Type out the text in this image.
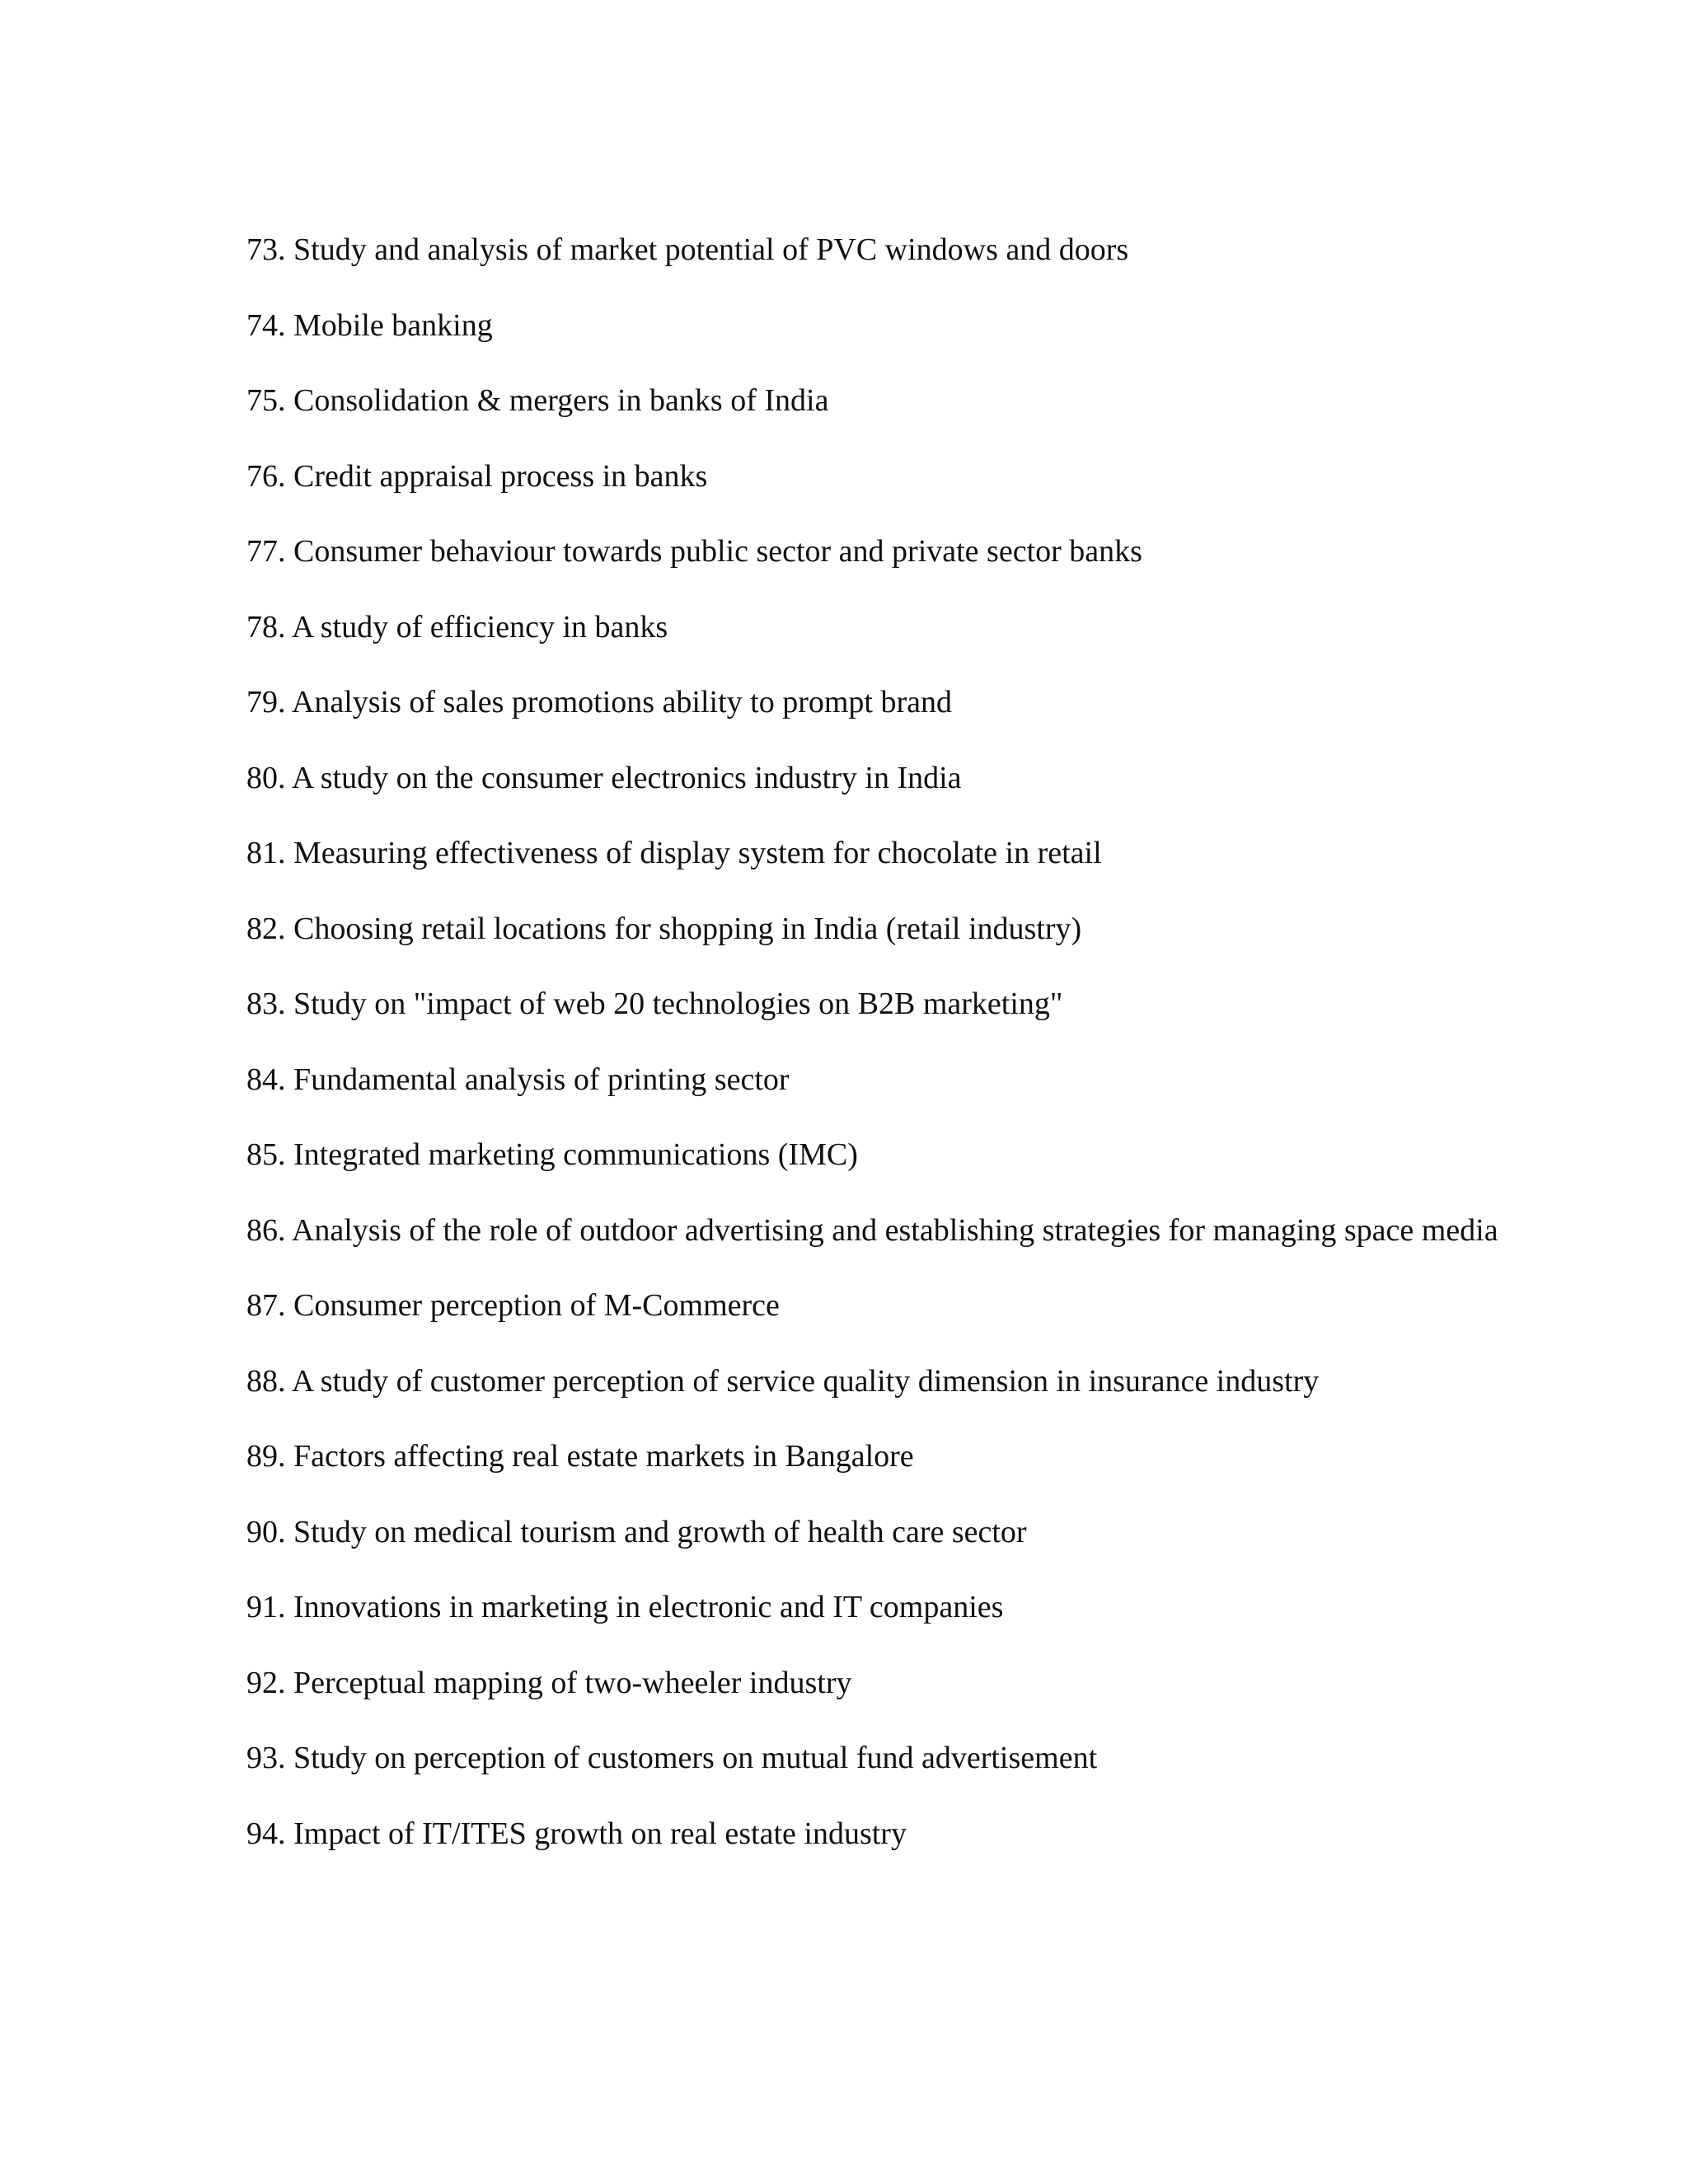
73. Study and analysis of market potential of PVC windows and doors
74. Mobile banking
75. Consolidation & mergers in banks of India
76. Credit appraisal process in banks
77. Consumer behaviour towards public sector and private sector banks
78. A study of efficiency in banks
79. Analysis of sales promotions ability to prompt brand
80. A study on the consumer electronics industry in India
81. Measuring effectiveness of display system for chocolate in retail
82. Choosing retail locations for shopping in India (retail industry)
83. Study on "impact of web 20 technologies on B2B marketing"
84. Fundamental analysis of printing sector
85. Integrated marketing communications (IMC)
86. Analysis of the role of outdoor advertising and establishing strategies for managing space media
87. Consumer perception of M-Commerce
88. A study of customer perception of service quality dimension in insurance industry
89. Factors affecting real estate markets in Bangalore
90. Study on medical tourism and growth of health care sector
91. Innovations in marketing in electronic and IT companies
92. Perceptual mapping of two-wheeler industry
93. Study on perception of customers on mutual fund advertisement
94. Impact of IT/ITES growth on real estate industry
